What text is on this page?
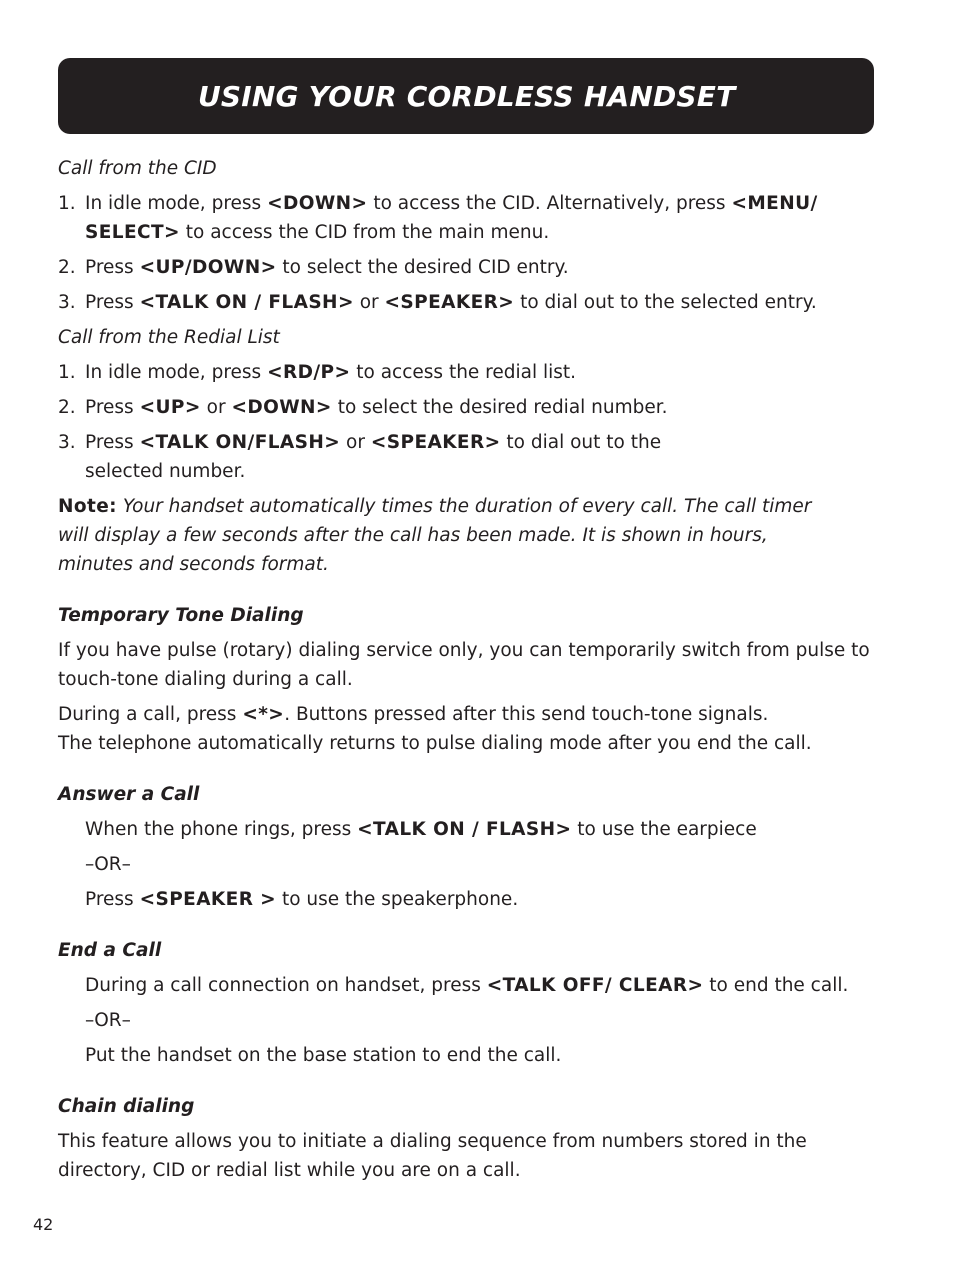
USING YOUR CORDLESS HANDSET
Call from the CID
1. In idle mode, press <DOWN> to access the CID. Alternatively, press <MENU/ SELECT> to access the CID from the main menu.
2. Press <UP/DOWN> to select the desired CID entry.
3. Press <TALK ON / FLASH> or <SPEAKER> to dial out to the selected entry.
Call from the Redial List
1. In idle mode, press <RD/P> to access the redial list.
2. Press <UP> or <DOWN> to select the desired redial number.
3. Press <TALK ON/FLASH> or <SPEAKER> to dial out to the selected number.
Note: Your handset automatically times the duration of every call. The call timer will display a few seconds after the call has been made. It is shown in hours, minutes and seconds format.
Temporary Tone Dialing
If you have pulse (rotary) dialing service only, you can temporarily switch from pulse to touch-tone dialing during a call.
During a call, press <*>. Buttons pressed after this send touch-tone signals.
The telephone automatically returns to pulse dialing mode after you end the call.
Answer a Call
When the phone rings, press <TALK ON / FLASH> to use the earpiece
–OR–
Press <SPEAKER > to use the speakerphone.
End a Call
During a call connection on handset, press <TALK OFF/ CLEAR> to end the call.
–OR–
Put the handset on the base station to end the call.
Chain dialing
This feature allows you to initiate a dialing sequence from numbers stored in the directory, CID or redial list while you are on a call.
42
